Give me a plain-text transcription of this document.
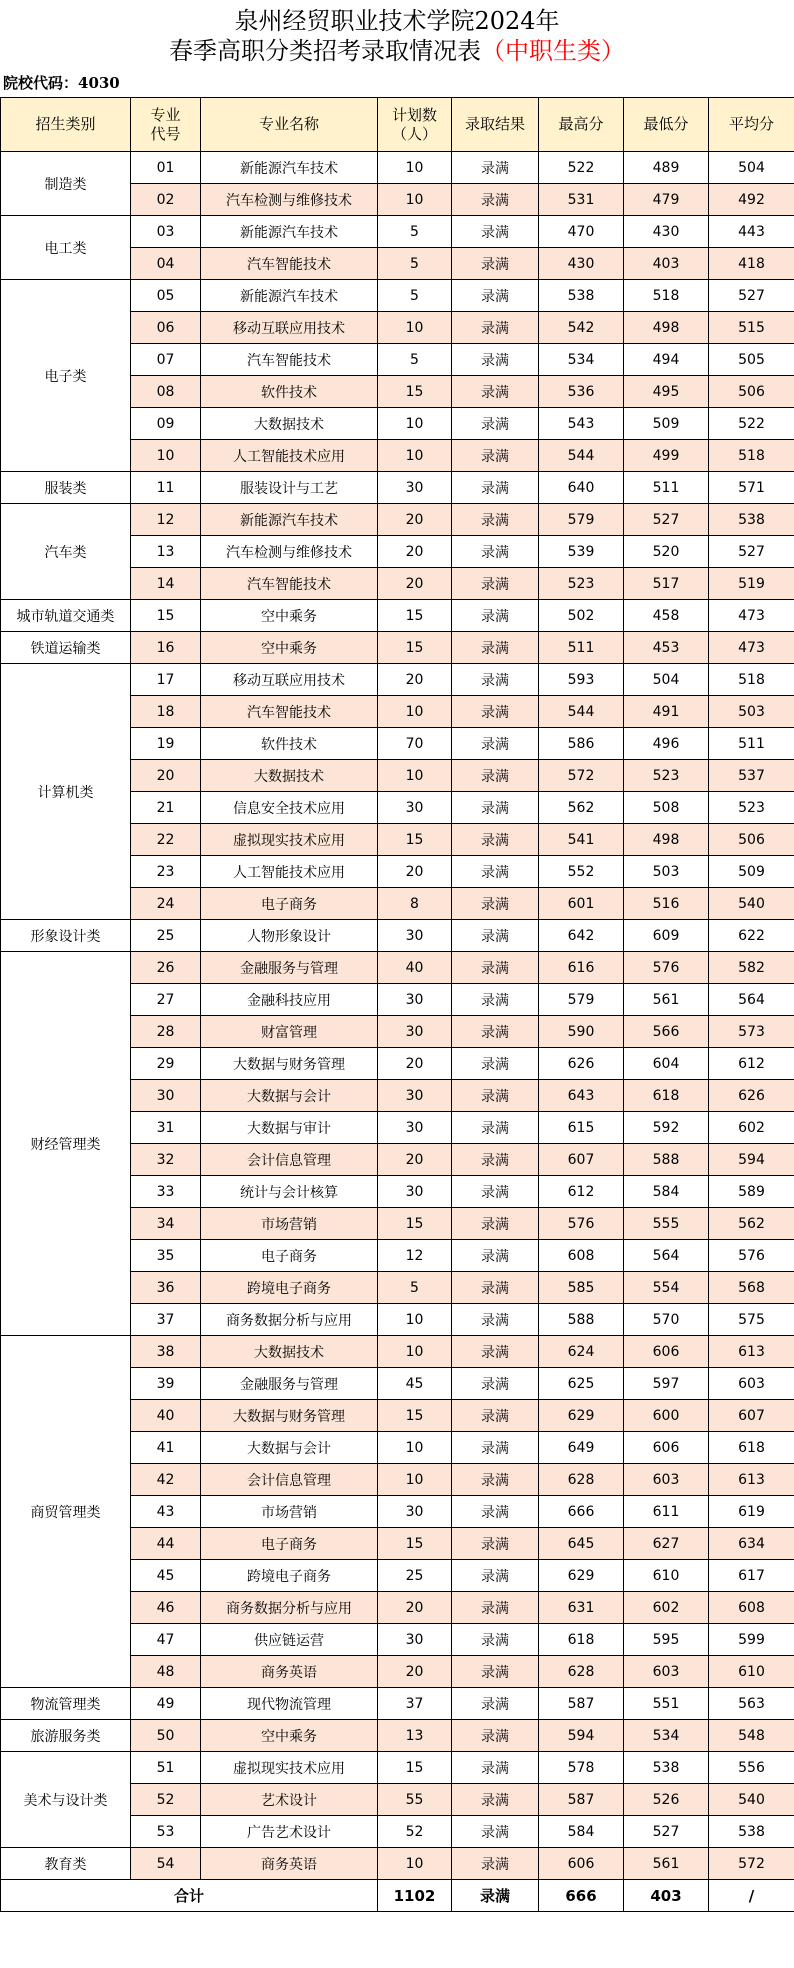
泉州经贸职业技术学院2024年
春季高职分类招考录取情况表（中职生类）
院校代码：4030
招生类别	专业代号	专业名称	计划数（人）	录取结果	最高分	最低分	平均分
制造类	01	新能源汽车技术	10	录满	522	489	504
	02	汽车检测与维修技术	10	录满	531	479	492
电工类	03	新能源汽车技术	5	录满	470	430	443
	04	汽车智能技术	5	录满	430	403	418
电子类	05	新能源汽车技术	5	录满	538	518	527
	06	移动互联应用技术	10	录满	542	498	515
	07	汽车智能技术	5	录满	534	494	505
	08	软件技术	15	录满	536	495	506
	09	大数据技术	10	录满	543	509	522
	10	人工智能技术应用	10	录满	544	499	518
服装类	11	服装设计与工艺	30	录满	640	511	571
汽车类	12	新能源汽车技术	20	录满	579	527	538
	13	汽车检测与维修技术	20	录满	539	520	527
	14	汽车智能技术	20	录满	523	517	519
城市轨道交通类	15	空中乘务	15	录满	502	458	473
铁道运输类	16	空中乘务	15	录满	511	453	473
计算机类	17	移动互联应用技术	20	录满	593	504	518
	18	汽车智能技术	10	录满	544	491	503
	19	软件技术	70	录满	586	496	511
	20	大数据技术	10	录满	572	523	537
	21	信息安全技术应用	30	录满	562	508	523
	22	虚拟现实技术应用	15	录满	541	498	506
	23	人工智能技术应用	20	录满	552	503	509
	24	电子商务	8	录满	601	516	540
形象设计类	25	人物形象设计	30	录满	642	609	622
财经管理类	26	金融服务与管理	40	录满	616	576	582
	27	金融科技应用	30	录满	579	561	564
	28	财富管理	30	录满	590	566	573
	29	大数据与财务管理	20	录满	626	604	612
	30	大数据与会计	30	录满	643	618	626
	31	大数据与审计	30	录满	615	592	602
	32	会计信息管理	20	录满	607	588	594
	33	统计与会计核算	30	录满	612	584	589
	34	市场营销	15	录满	576	555	562
	35	电子商务	12	录满	608	564	576
	36	跨境电子商务	5	录满	585	554	568
	37	商务数据分析与应用	10	录满	588	570	575
商贸管理类	38	大数据技术	10	录满	624	606	613
	39	金融服务与管理	45	录满	625	597	603
	40	大数据与财务管理	15	录满	629	600	607
	41	大数据与会计	10	录满	649	606	618
	42	会计信息管理	10	录满	628	603	613
	43	市场营销	30	录满	666	611	619
	44	电子商务	15	录满	645	627	634
	45	跨境电子商务	25	录满	629	610	617
	46	商务数据分析与应用	20	录满	631	602	608
	47	供应链运营	30	录满	618	595	599
	48	商务英语	20	录满	628	603	610
物流管理类	49	现代物流管理	37	录满	587	551	563
旅游服务类	50	空中乘务	13	录满	594	534	548
美术与设计类	51	虚拟现实技术应用	15	录满	578	538	556
	52	艺术设计	55	录满	587	526	540
	53	广告艺术设计	52	录满	584	527	538
教育类	54	商务英语	10	录满	606	561	572
合计			1102	录满	666	403	/
